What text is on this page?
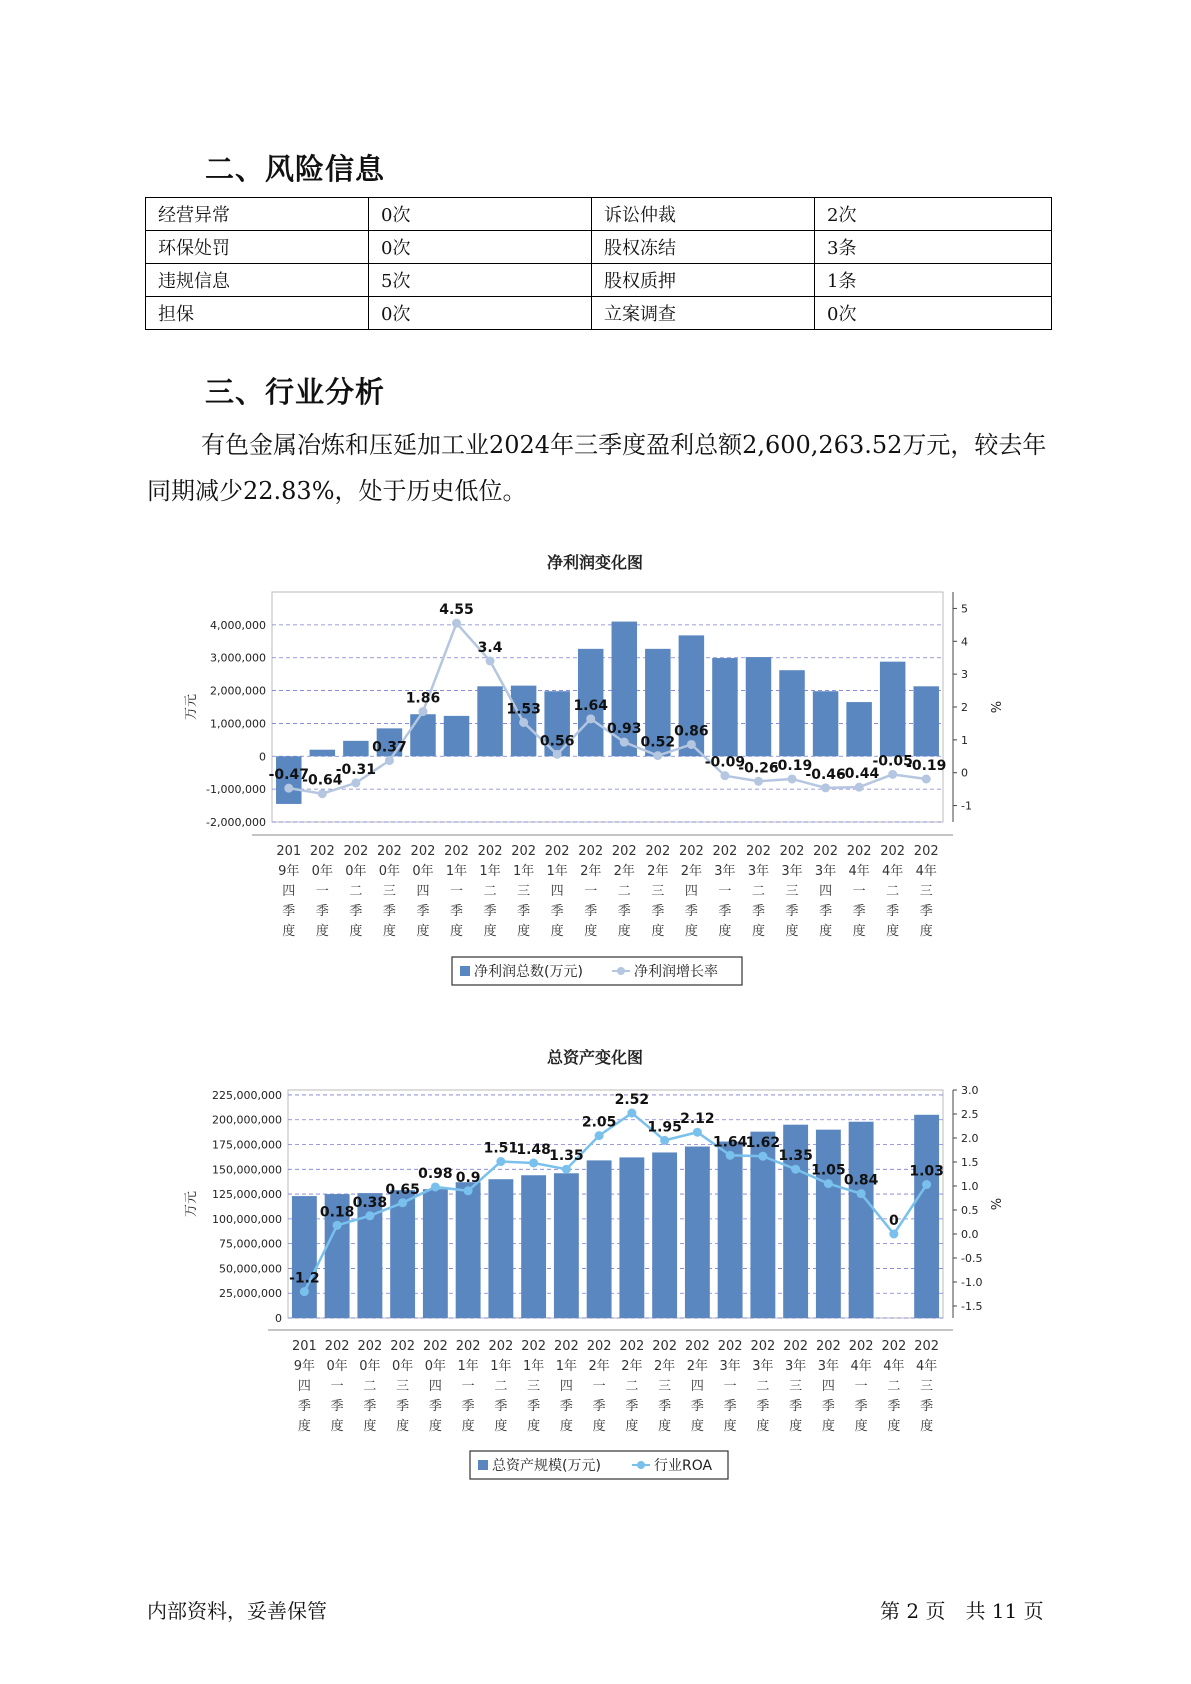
二、风险信息
经营异常	0次	诉讼仲裁	2次
环保处罚	0次	股权冻结	3条
违规信息	5次	股权质押	1条
担保	0次	立案调查	0次
三、行业分析

有色金属冶炼和压延加工业2024年三季度盈利总额2,600,263.52万元，较去年同期减少22.83%，处于历史低位。

净利润变化图
4,000,000
3,000,000
2,000,000
1,000,000
0
-1,000,000
-2,000,000
5
4
3
2
1
0
-1
万元	%
-0.47
-0.64
-0.31
0.37
1.86
4.55
3.4
1.53
0.56
1.64
0.93
0.52
0.86
-0.09
-0.26
-0.19
-0.46
-0.44
-0.05
-0.19
201
9年
四
季
度
202
0年
一
季
度
202
0年
二
季
度
202
0年
三
季
度
202
0年
四
季
度
202
1年
一
季
度
202
1年
二
季
度
202
1年
三
季
度
202
1年
四
季
度
202
2年
一
季
度
202
2年
二
季
度
202
2年
三
季
度
202
2年
四
季
度
202
3年
一
季
度
202
3年
二
季
度
202
3年
三
季
度
202
3年
四
季
度
202
4年
一
季
度
202
4年
二
季
度
202
4年
三
季
度
净利润总数(万元)	净利润增长率
总资产变化图
225,000,000
200,000,000
175,000,000
150,000,000
125,000,000
100,000,000
75,000,000
50,000,000
25,000,000
0
3.0
2.5
2.0
1.5
1.0
0.5
0.0
-0.5
-1.0
-1.5
万元	%
-1.2
0.18
0.38
0.65
0.98 0.9
1.51
1.48
1.35
2.05
2.52
1.95
2.12
1.64
1.62
1.35
1.05
0.84
0
1.03
201
9年
四
季
度
202
0年
一
季
度
202
0年
二
季
度
202
0年
三
季
度
202
0年
四
季
度
202
1年
一
季
度
202
1年
二
季
度
202
1年
三
季
度
202
1年
四
季
度
202
2年
一
季
度
202
2年
二
季
度
202
2年
三
季
度
202
2年
四
季
度
202
3年
一
季
度
202
3年
二
季
度
202
3年
三
季
度
202
3年
四
季
度
202
4年
一
季
度
202
4年
二
季
度
202
4年
三
季
度
总资产规模(万元)	行业ROA
内部资料，妥善保管	第 2 页　共 11 页
